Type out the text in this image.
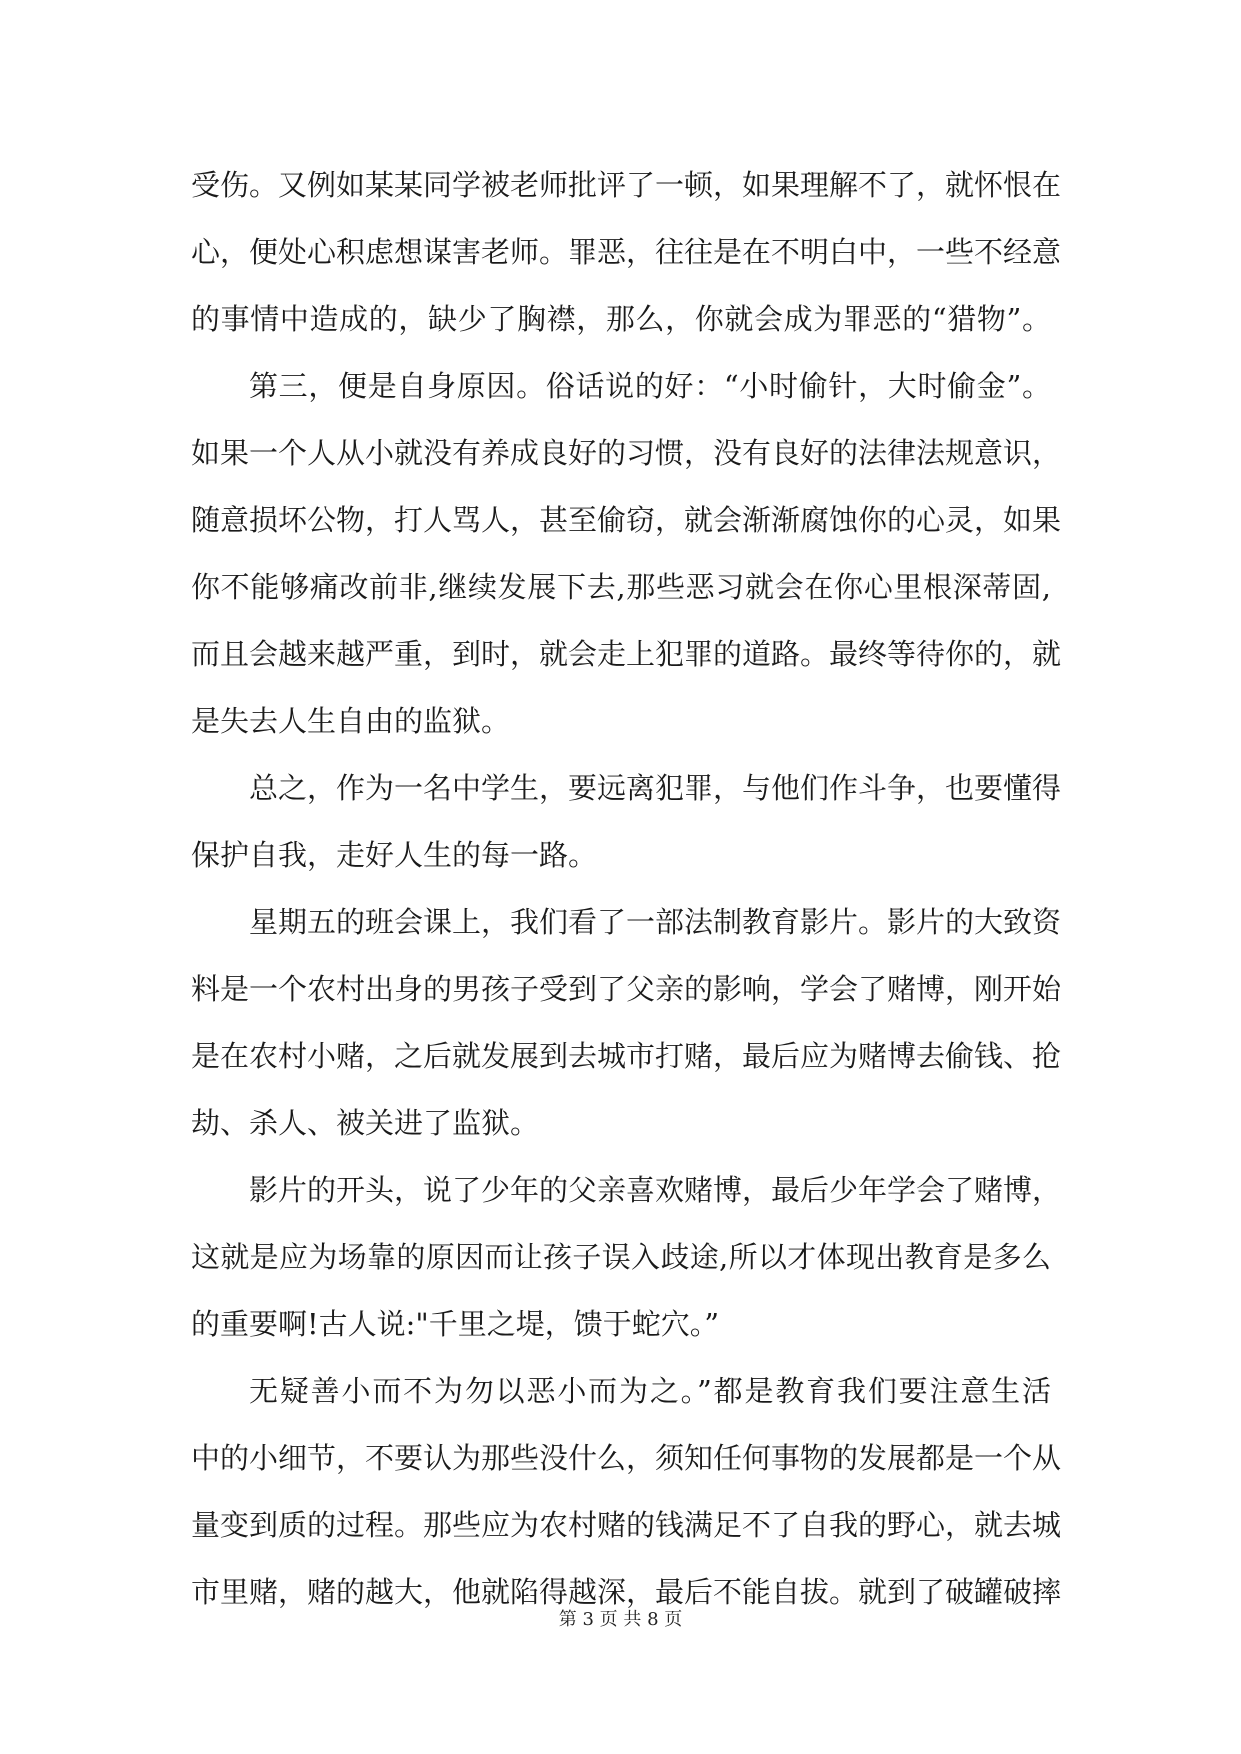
受伤。又例如某某同学被老师批评了一顿，如果理解不了，就怀恨在
心，便处心积虑想谋害老师。罪恶，往往是在不明白中，一些不经意
的事情中造成的，缺少了胸襟，那么，你就会成为罪恶的“猎物”。
第三，便是自身原因。俗话说的好：“小时偷针，大时偷金”。
如果一个人从小就没有养成良好的习惯，没有良好的法律法规意识，
随意损坏公物，打人骂人，甚至偷窃，就会渐渐腐蚀你的心灵，如果
你不能够痛改前非,继续发展下去,那些恶习就会在你心里根深蒂固,
而且会越来越严重，到时，就会走上犯罪的道路。最终等待你的，就
是失去人生自由的监狱。
总之，作为一名中学生，要远离犯罪，与他们作斗争，也要懂得
保护自我，走好人生的每一路。
星期五的班会课上，我们看了一部法制教育影片。影片的大致资
料是一个农村出身的男孩子受到了父亲的影响，学会了赌博，刚开始
是在农村小赌，之后就发展到去城市打赌，最后应为赌博去偷钱、抢
劫、杀人、被关进了监狱。
影片的开头，说了少年的父亲喜欢赌博，最后少年学会了赌博，
这就是应为场靠的原因而让孩子误入歧途,所以才体现出教育是多么
的重要啊!古人说:"千里之堤，馈于蛇穴。”
无疑善小而不为勿以恶小而为之。”都是教育我们要注意生活
中的小细节，不要认为那些没什么，须知任何事物的发展都是一个从
量变到质的过程。那些应为农村赌的钱满足不了自我的野心，就去城
市里赌，赌的越大，他就陷得越深，最后不能自拔。就到了破罐破摔
第 3 页 共 8 页
